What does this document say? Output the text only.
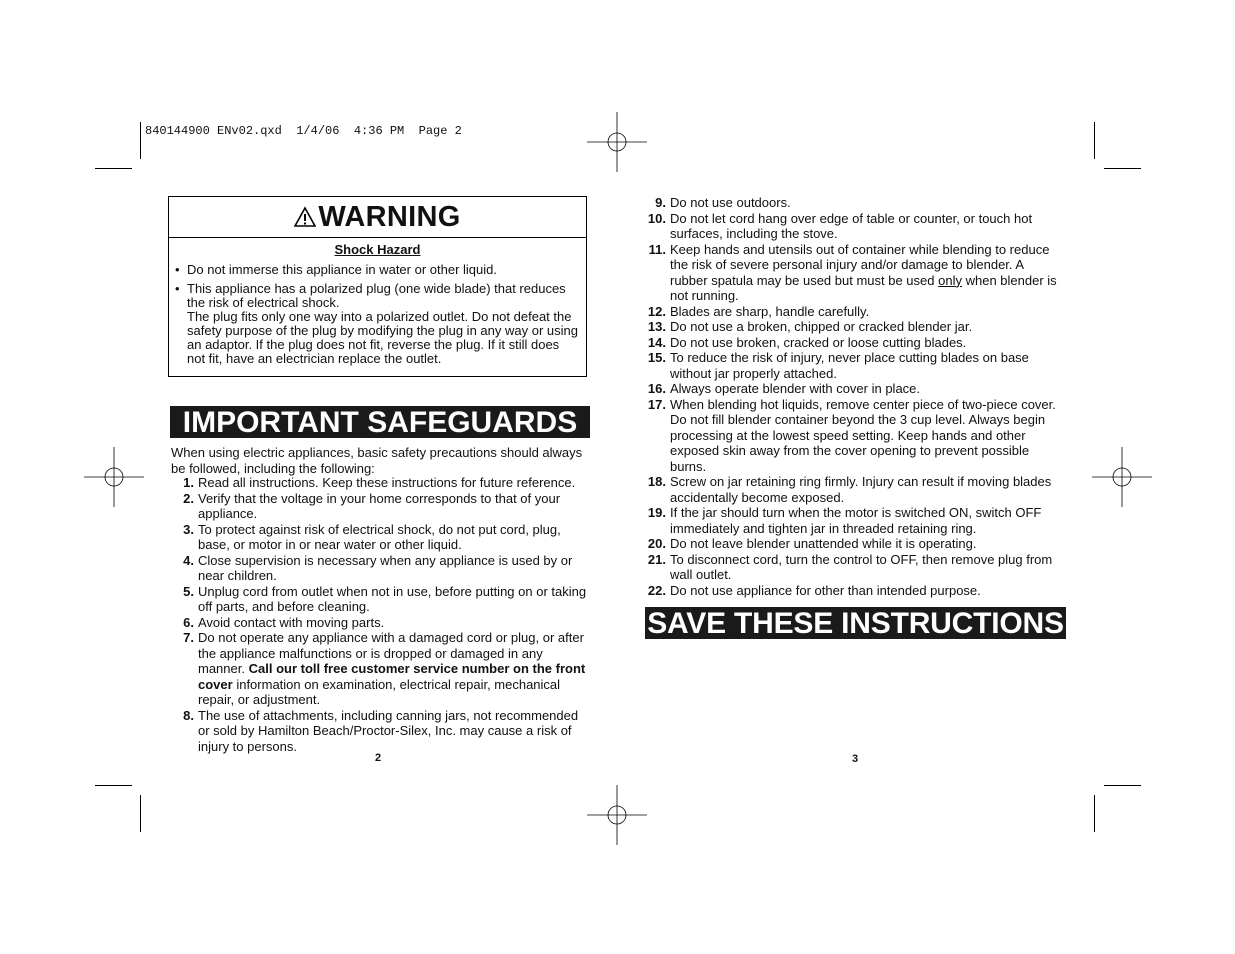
840144900 ENv02.qxd  1/4/06  4:36 PM  Page 2
WARNING
Shock Hazard
• Do not immerse this appliance in water or other liquid.
• This appliance has a polarized plug (one wide blade) that reduces the risk of electrical shock.
The plug fits only one way into a polarized outlet. Do not defeat the safety purpose of the plug by modifying the plug in any way or using an adaptor. If the plug does not fit, reverse the plug. If it still does not fit, have an electrician replace the outlet.
IMPORTANT SAFEGUARDS
When using electric appliances, basic safety precautions should always be followed, including the following:
1. Read all instructions. Keep these instructions for future reference.
2. Verify that the voltage in your home corresponds to that of your appliance.
3. To protect against risk of electrical shock, do not put cord, plug, base, or motor in or near water or other liquid.
4. Close supervision is necessary when any appliance is used by or near children.
5. Unplug cord from outlet when not in use, before putting on or taking off parts, and before cleaning.
6. Avoid contact with moving parts.
7. Do not operate any appliance with a damaged cord or plug, or after the appliance malfunctions or is dropped or damaged in any manner. Call our toll free customer service number on the front cover information on examination, electrical repair, mechanical repair, or adjustment.
8. The use of attachments, including canning jars, not recommended or sold by Hamilton Beach/Proctor-Silex, Inc. may cause a risk of injury to persons.
9. Do not use outdoors.
10. Do not let cord hang over edge of table or counter, or touch hot surfaces, including the stove.
11. Keep hands and utensils out of container while blending to reduce the risk of severe personal injury and/or damage to blender. A rubber spatula may be used but must be used only when blender is not running.
12. Blades are sharp, handle carefully.
13. Do not use a broken, chipped or cracked blender jar.
14. Do not use broken, cracked or loose cutting blades.
15. To reduce the risk of injury, never place cutting blades on base without jar properly attached.
16. Always operate blender with cover in place.
17. When blending hot liquids, remove center piece of two-piece cover. Do not fill blender container beyond the 3 cup level. Always begin processing at the lowest speed setting. Keep hands and other exposed skin away from the cover opening to prevent possible burns.
18. Screw on jar retaining ring firmly. Injury can result if moving blades accidentally become exposed.
19. If the jar should turn when the motor is switched ON, switch OFF immediately and tighten jar in threaded retaining ring.
20. Do not leave blender unattended while it is operating.
21. To disconnect cord, turn the control to OFF, then remove plug from wall outlet.
22. Do not use appliance for other than intended purpose.
SAVE THESE INSTRUCTIONS
2	3
